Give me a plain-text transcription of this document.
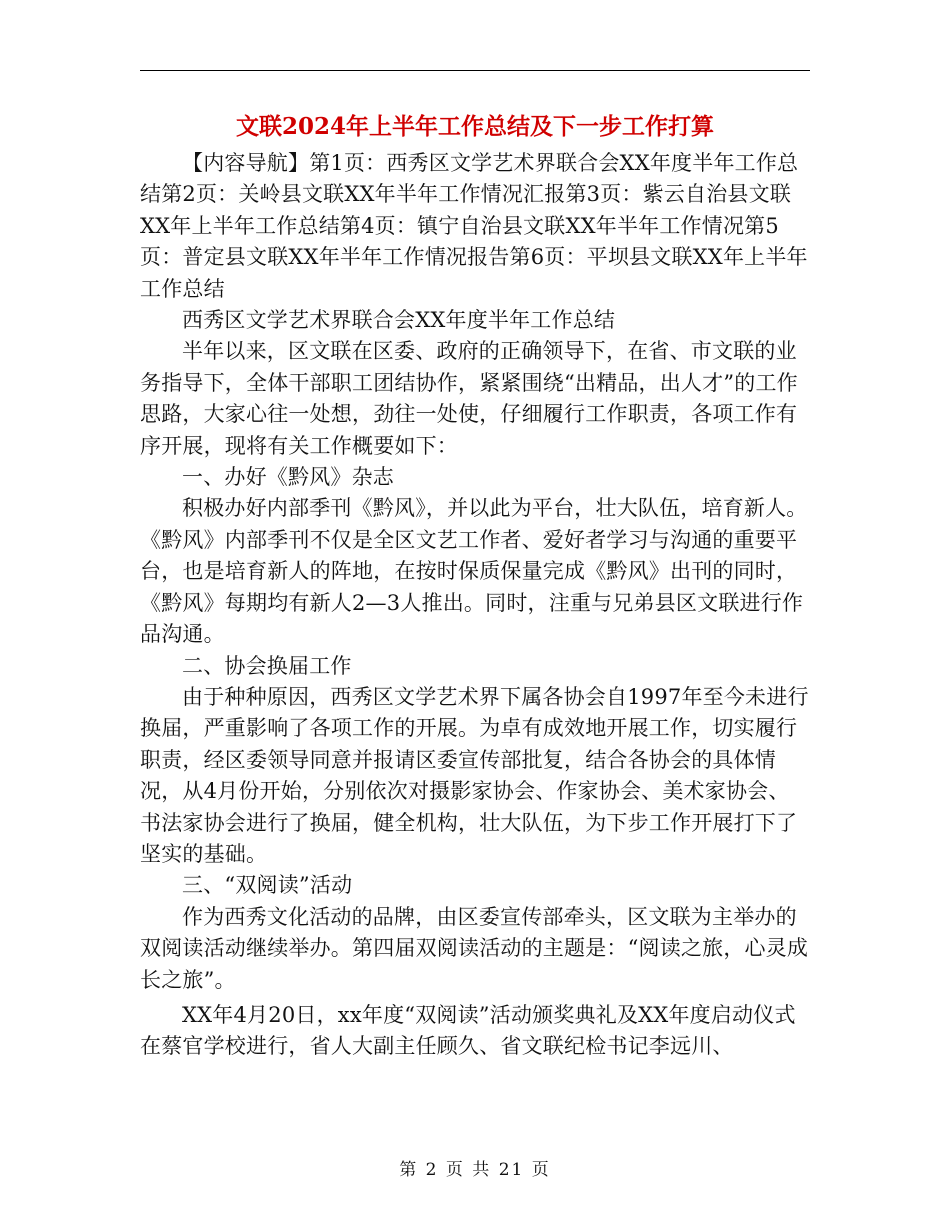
文联2024年上半年工作总结及下一步工作打算

【内容导航】第1页：西秀区文学艺术界联合会XX年度半年工作总结第2页：关岭县文联XX年半年工作情况汇报第3页：紫云自治县文联XX年上半年工作总结第4页：镇宁自治县文联XX年半年工作情况第5页：普定县文联XX年半年工作情况报告第6页：平坝县文联XX年上半年工作总结

西秀区文学艺术界联合会XX年度半年工作总结

半年以来，区文联在区委、政府的正确领导下，在省、市文联的业务指导下，全体干部职工团结协作，紧紧围绕“出精品，出人才”的工作思路，大家心往一处想，劲往一处使，仔细履行工作职责，各项工作有序开展，现将有关工作概要如下：

一、办好《黔风》杂志

积极办好内部季刊《黔风》，并以此为平台，壮大队伍，培育新人。《黔风》内部季刊不仅是全区文艺工作者、爱好者学习与沟通的重要平台，也是培育新人的阵地，在按时保质保量完成《黔风》出刊的同时，《黔风》每期均有新人2—3人推出。同时，注重与兄弟县区文联进行作品沟通。

二、协会换届工作

由于种种原因，西秀区文学艺术界下属各协会自1997年至今未进行换届，严重影响了各项工作的开展。为卓有成效地开展工作，切实履行职责，经区委领导同意并报请区委宣传部批复，结合各协会的具体情况，从4月份开始，分别依次对摄影家协会、作家协会、美术家协会、书法家协会进行了换届，健全机构，壮大队伍，为下步工作开展打下了坚实的基础。

三、“双阅读”活动

作为西秀文化活动的品牌，由区委宣传部牵头，区文联为主举办的双阅读活动继续举办。第四届双阅读活动的主题是：“阅读之旅，心灵成长之旅”。

XX年4月20日，xx年度“双阅读”活动颁奖典礼及XX年度启动仪式在蔡官学校进行，省人大副主任顾久、省文联纪检书记李远川、

第 2 页 共 21 页
